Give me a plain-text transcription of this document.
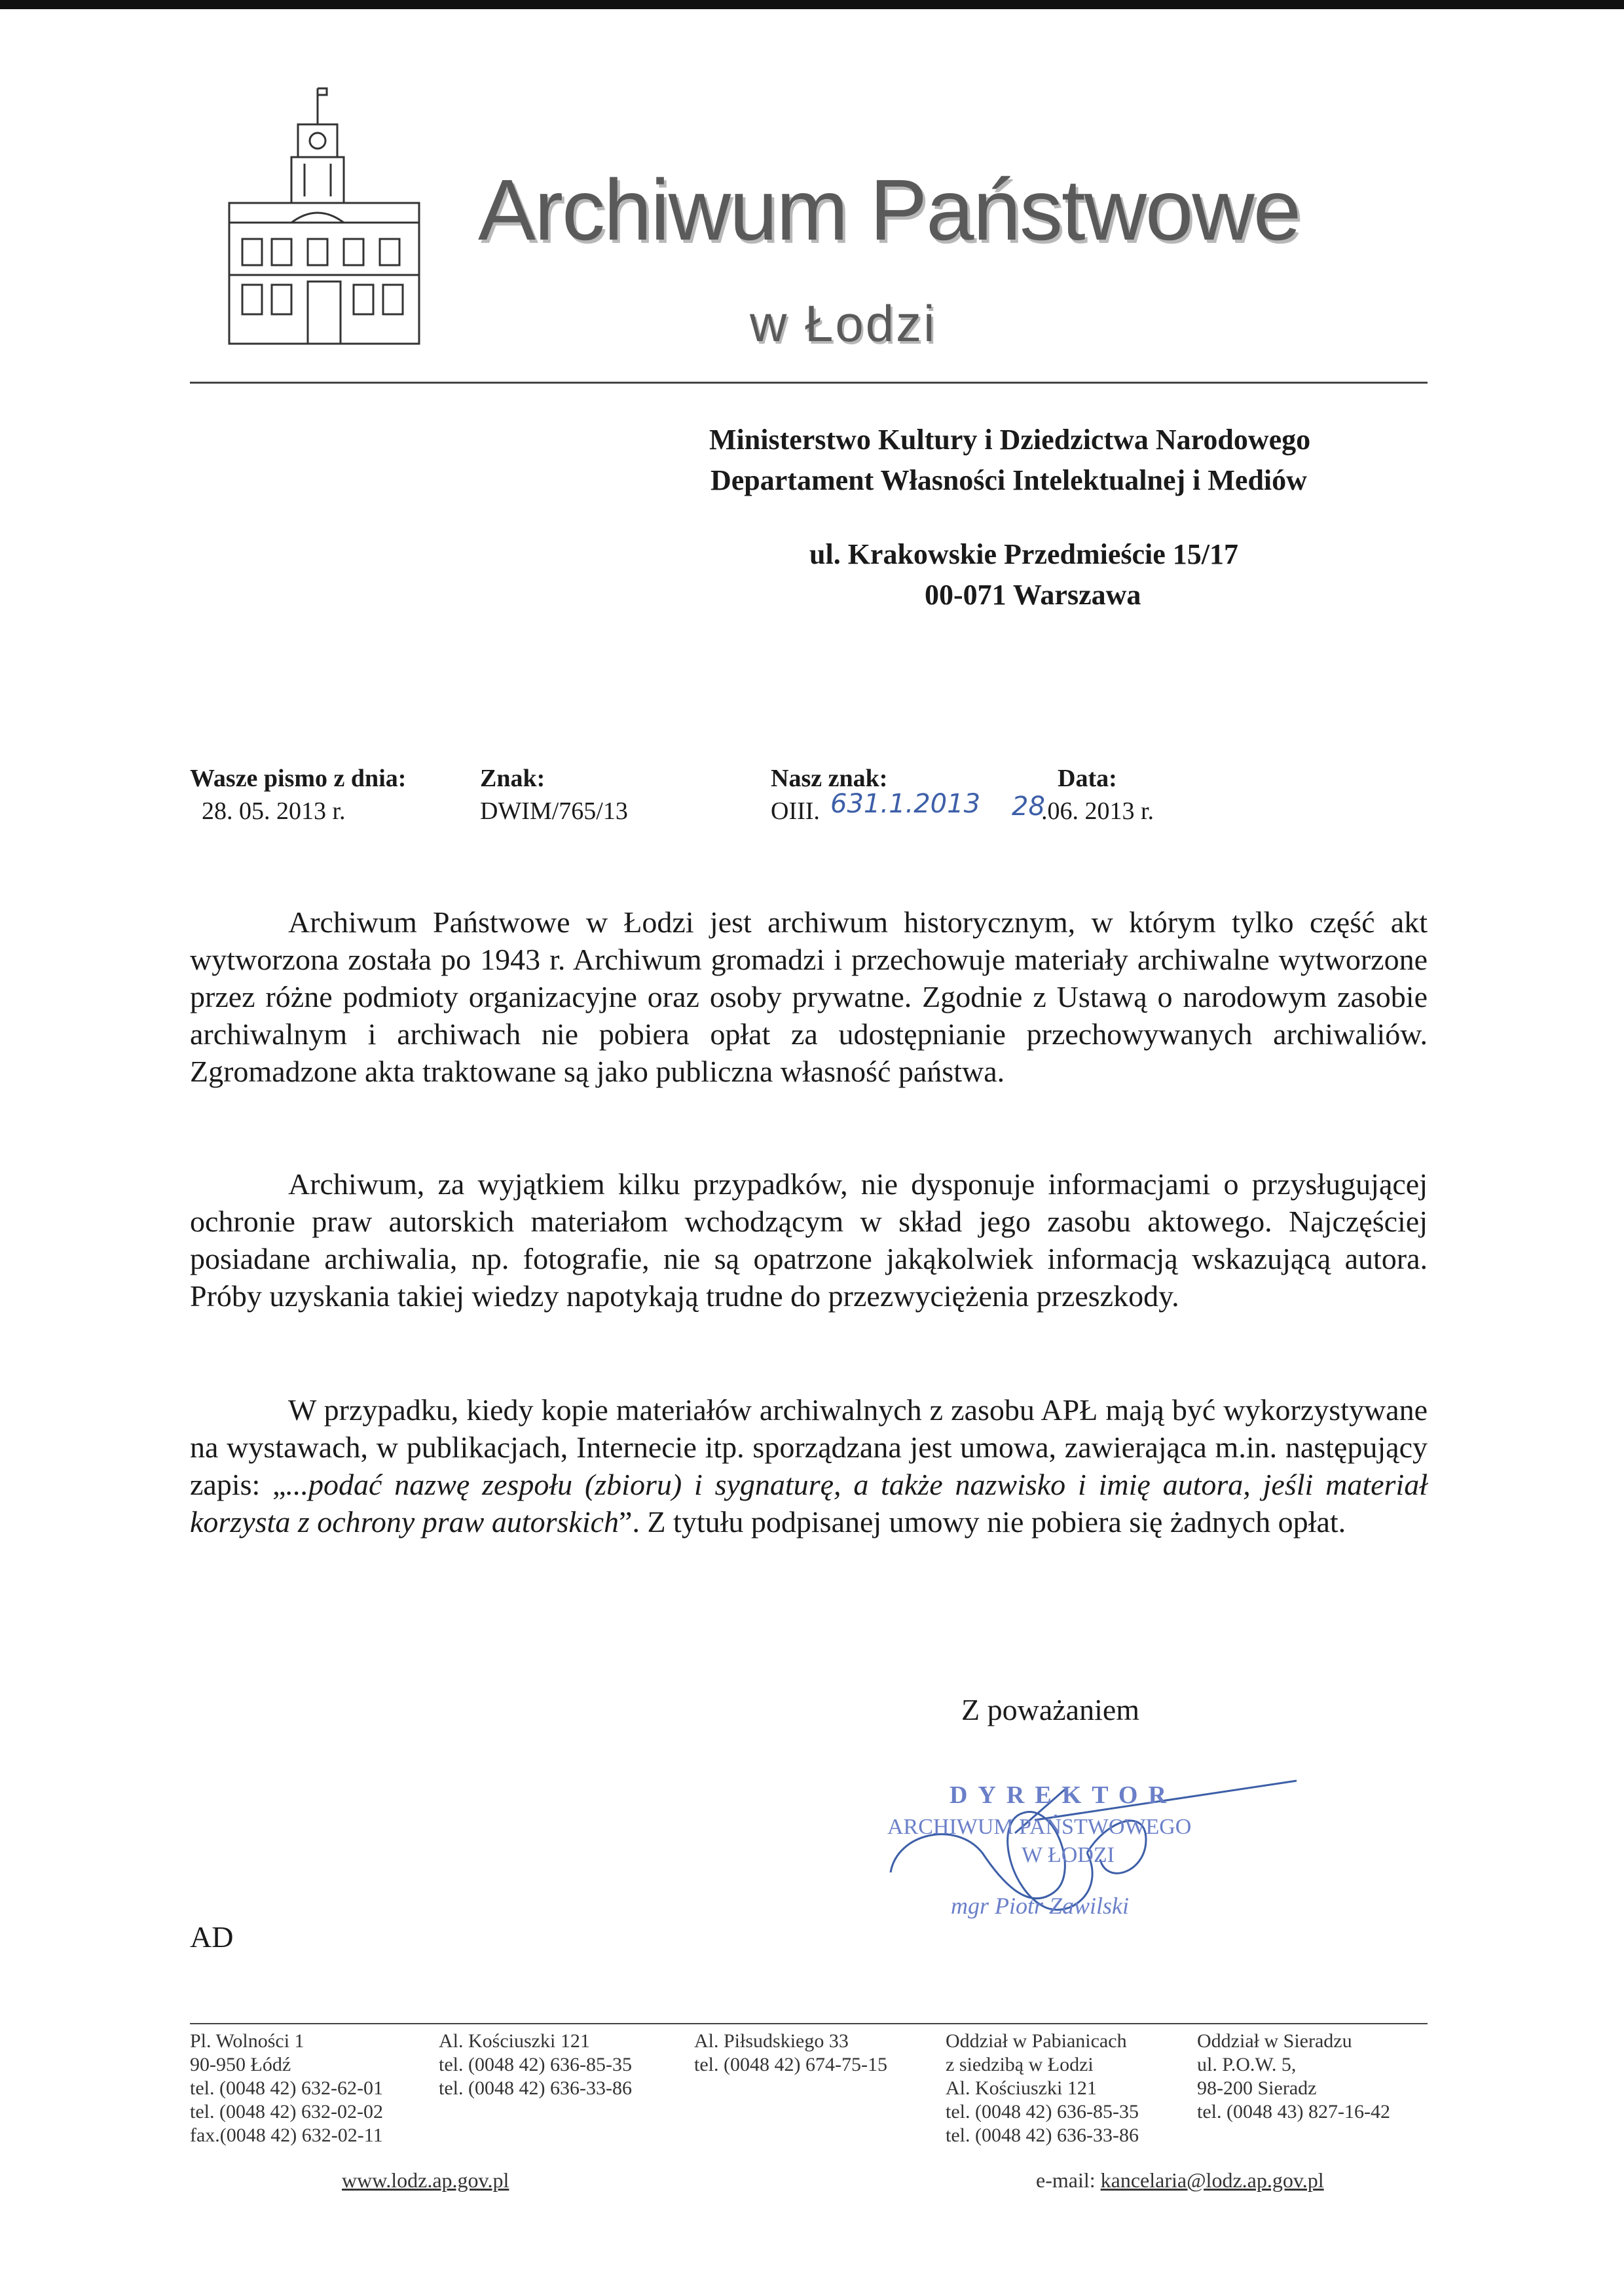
Archiwum Państwowe
w Łodzi
Ministerstwo Kultury i Dziedzictwa Narodowego
Departament Własności Intelektualnej i Mediów
ul. Krakowskie Przedmieście 15/17
00-071 Warszawa
Wasze pismo z dnia:
28. 05. 2013 r.
Znak:
DWIM/765/13
Nasz znak:
OIII. 631.1.2013
Data:
28
.06. 2013 r.

Archiwum Państwowe w Łodzi jest archiwum historycznym, w którym tylko część akt wytworzona została po 1943 r. Archiwum gromadzi i przechowuje materiały archiwalne wytworzone przez różne podmioty organizacyjne oraz osoby prywatne. Zgodnie z Ustawą o narodowym zasobie archiwalnym i archiwach nie pobiera opłat za udostępnianie przechowywanych archiwaliów. Zgromadzone akta traktowane są jako publiczna własność państwa.

Archiwum, za wyjątkiem kilku przypadków, nie dysponuje informacjami o przysługującej ochronie praw autorskich materiałom wchodzącym w skład jego zasobu aktowego. Najczęściej posiadane archiwalia, np. fotografie, nie są opatrzone jakąkolwiek informacją wskazującą autora. Próby uzyskania takiej wiedzy napotykają trudne do przezwyciężenia przeszkody.

W przypadku, kiedy kopie materiałów archiwalnych z zasobu APŁ mają być wykorzystywane na wystawach, w publikacjach, Internecie itp. sporządzana jest umowa, zawierająca m.in. następujący zapis: „...podać nazwę zespołu (zbioru) i sygnaturę, a także nazwisko i imię autora, jeśli materiał korzysta z ochrony praw autorskich”. Z tytułu podpisanej umowy nie pobiera się żadnych opłat.

Z poważaniem
DYREKTOR
ARCHIWUM PAŃSTWOWEGO
W ŁODZI
mgr Piotr Zawilski
AD
Pl. Wolności 1
90-950 Łódź
tel. (0048 42) 632-62-01
tel. (0048 42) 632-02-02
fax.(0048 42) 632-02-11
Al. Kościuszki 121
tel. (0048 42) 636-85-35
tel. (0048 42) 636-33-86
Al. Piłsudskiego 33
tel. (0048 42) 674-75-15
Oddział w Pabianicach
z siedzibą w Łodzi
Al. Kościuszki 121
tel. (0048 42) 636-85-35
tel. (0048 42) 636-33-86
Oddział w Sieradzu
ul. P.O.W. 5,
98-200 Sieradz
tel. (0048 43) 827-16-42
www.lodz.ap.gov.pl	e-mail: kancelaria@lodz.ap.gov.pl
